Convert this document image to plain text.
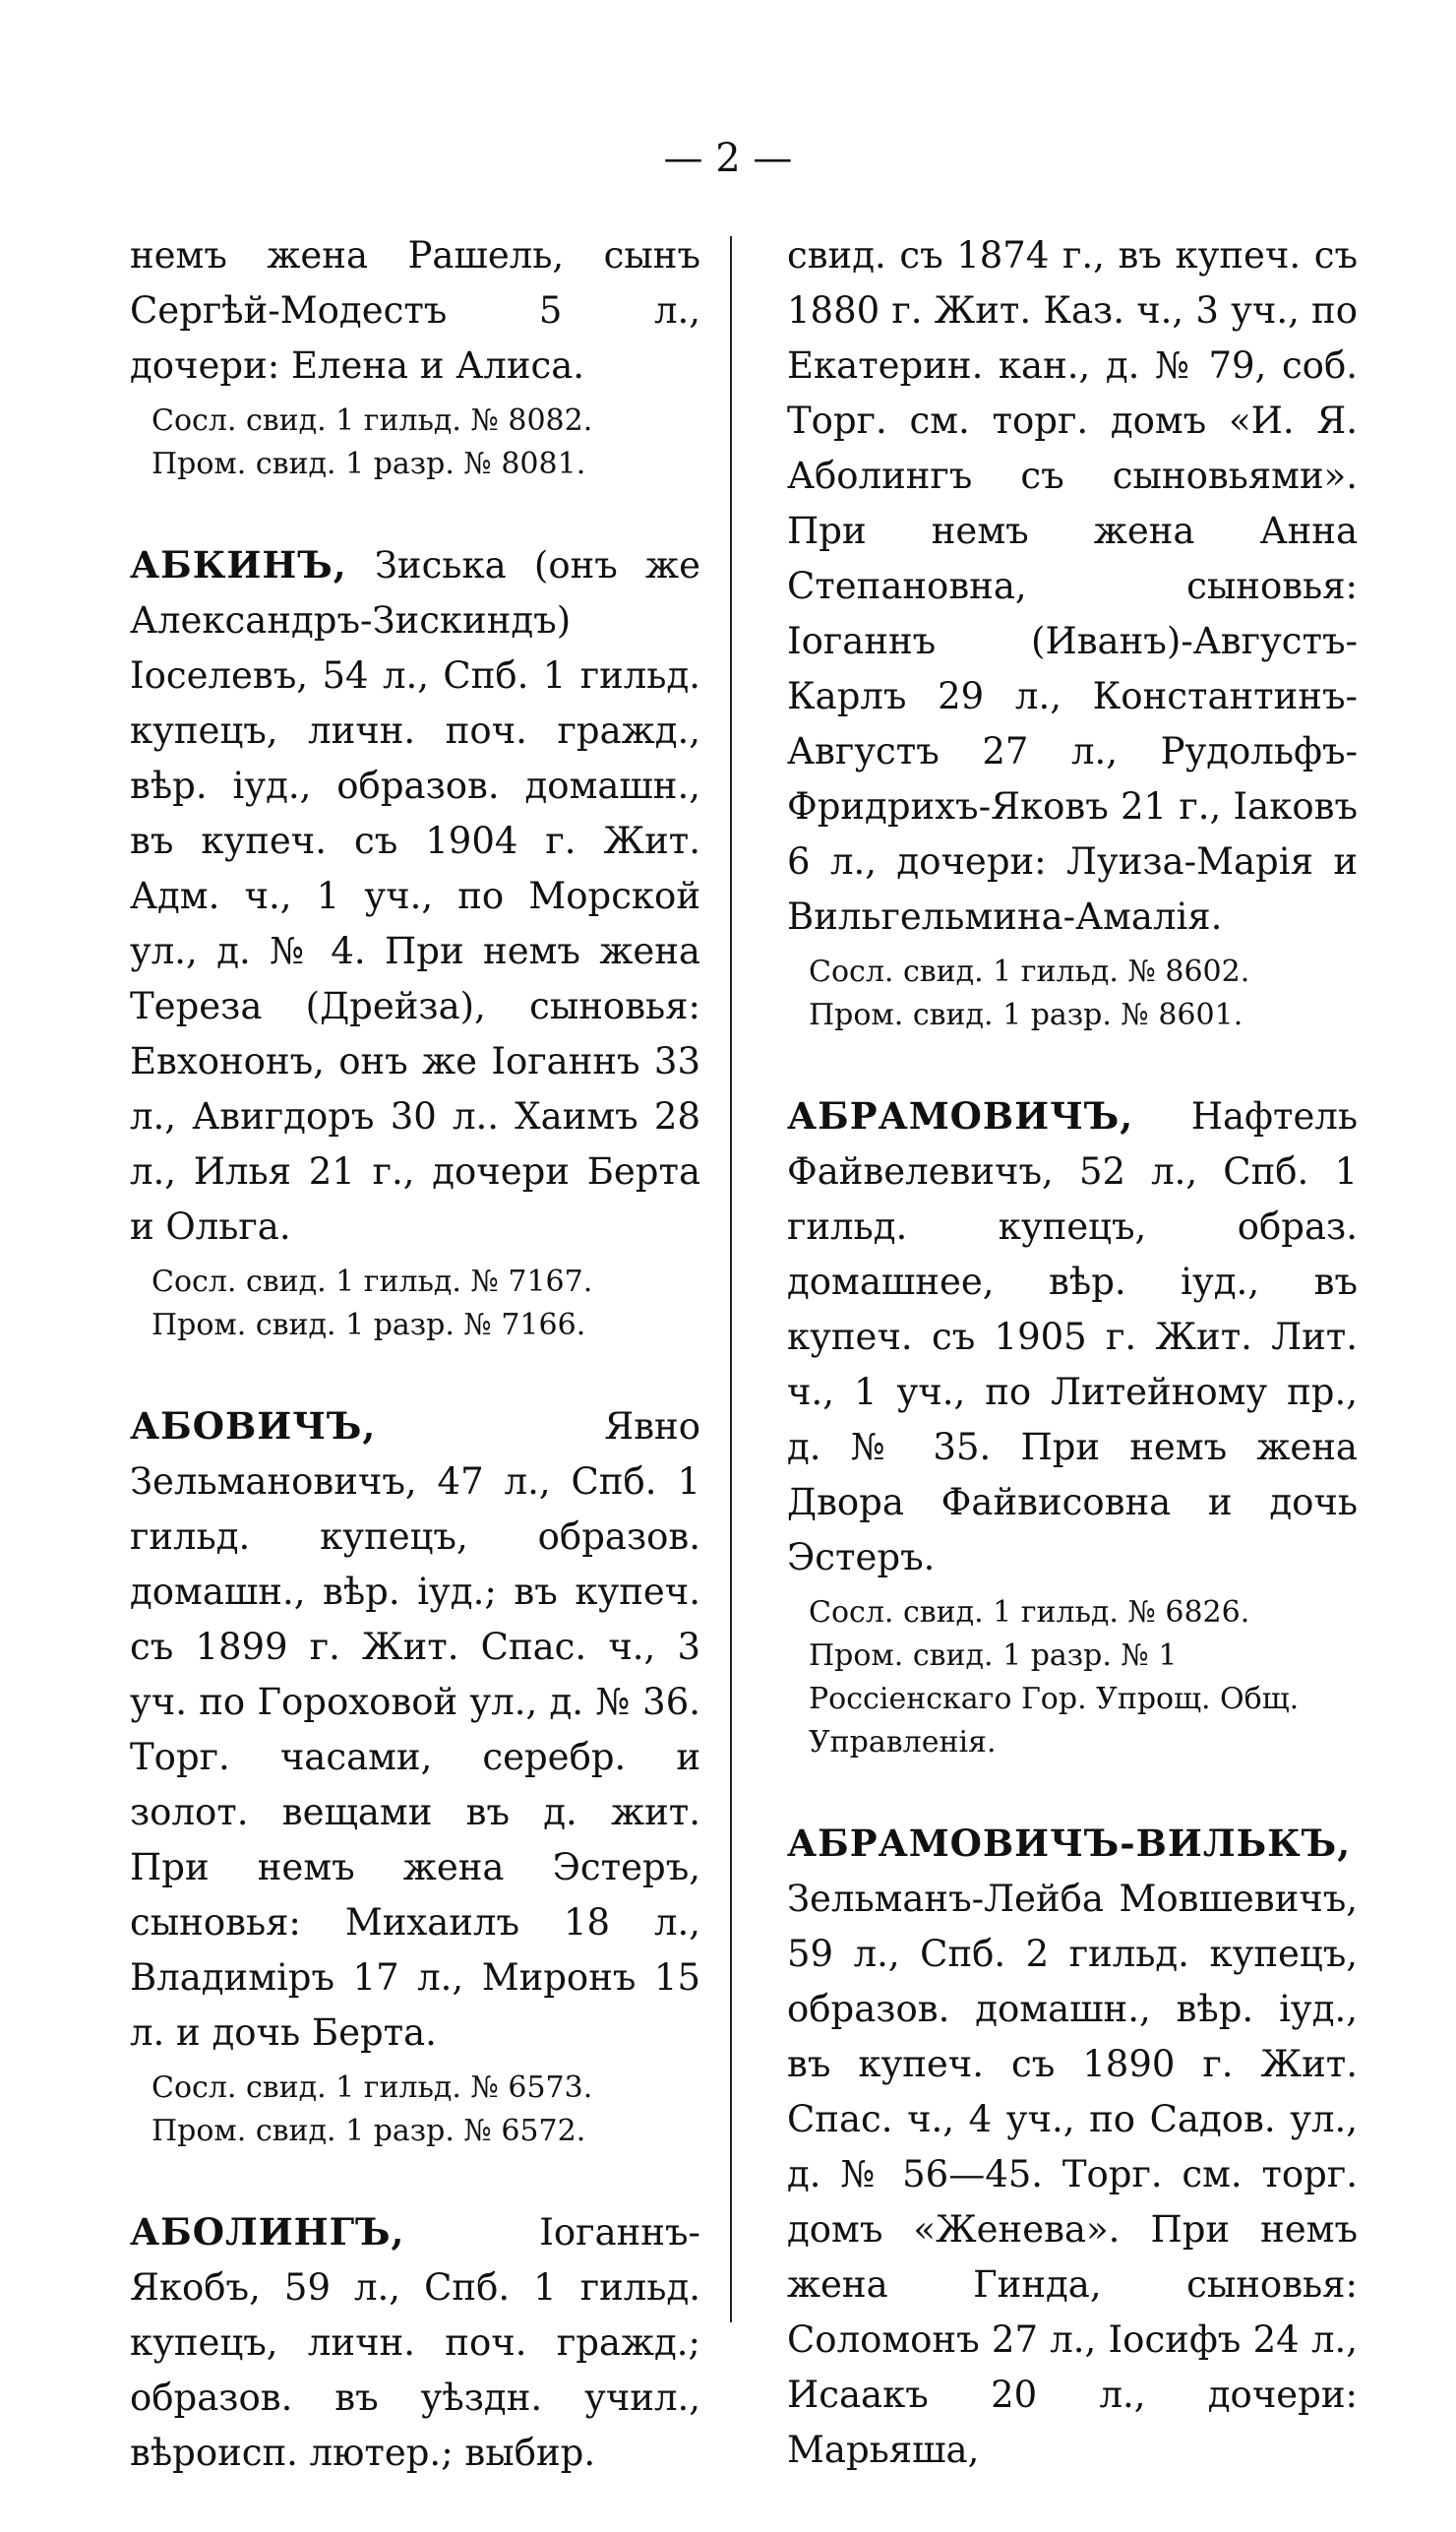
— 2 —
немъ жена Рашель, сынъ Сергѣй-Модестъ 5 л., дочери: Елена и Алиса.
Сосл. свид. 1 гильд. № 8082.
Пром. свид. 1 разр. № 8081.
АБКИНЪ, Зиська (онъ же Александръ-Зискиндъ) Іоселевъ, 54 л., Спб. 1 гильд. купецъ, личн. поч. гражд., вѣр. іуд., образов. домашн., въ купеч. съ 1904 г. Жит. Адм. ч., 1 уч., по Морской ул., д. № 4. При немъ жена Тереза (Дрейза), сыновья: Евхононъ, онъ же Іоганнъ 33 л., Авигдоръ 30 л.. Хаимъ 28 л., Илья 21 г., дочери Берта и Ольга.
Сосл. свид. 1 гильд. № 7167.
Пром. свид. 1 разр. № 7166.
АБОВИЧЪ, Явно Зельмановичъ, 47 л., Спб. 1 гильд. купецъ, образов. домашн., вѣр. іуд.; въ купеч. съ 1899 г. Жит. Спас. ч., 3 уч. по Гороховой ул., д. № 36. Торг. часами, серебр. и золот. вещами въ д. жит. При немъ жена Эстеръ, сыновья: Михаилъ 18 л., Владиміръ 17 л., Миронъ 15 л. и дочь Берта.
Сосл. свид. 1 гильд. № 6573.
Пром. свид. 1 разр. № 6572.
АБОЛИНГЪ, Іоганнъ-Якобъ, 59 л., Спб. 1 гильд. купецъ, личн. поч. гражд.; образов. въ уѣздн. учил., вѣроисп. лютер.; выбир.
свид. съ 1874 г., въ купеч. съ 1880 г. Жит. Каз. ч., 3 уч., по Екатерин. кан., д. № 79, соб. Торг. см. торг. домъ «И. Я. Аболингъ съ сыновьями». При немъ жена Анна Степановна, сыновья: Іоганнъ (Иванъ)-Августъ-Карлъ 29 л., Константинъ-Августъ 27 л., Рудольфъ-Фридрихъ-Яковъ 21 г., Іаковъ 6 л., дочери: Луиза-Марія и Вильгельмина-Амалія.
Сосл. свид. 1 гильд. № 8602.
Пром. свид. 1 разр. № 8601.
АБРАМОВИЧЪ, Нафтель Файвелевичъ, 52 л., Спб. 1 гильд. купецъ, образ. домашнее, вѣр. іуд., въ купеч. съ 1905 г. Жит. Лит. ч., 1 уч., по Литейному пр., д. № 35. При немъ жена Двора Файвисовна и дочь Эстеръ.
Сосл. свид. 1 гильд. № 6826.
Пром. свид. 1 разр. № 1 Россіенскаго Гор. Упрощ. Общ. Управленія.
АБРАМОВИЧЪ-ВИЛЬКЪ, Зельманъ-Лейба Мовшевичъ, 59 л., Спб. 2 гильд. купецъ, образов. домашн., вѣр. іуд., въ купеч. съ 1890 г. Жит. Спас. ч., 4 уч., по Садов. ул., д. № 56—45. Торг. см. торг. домъ «Женева». При немъ жена Гинда, сыновья: Соломонъ 27 л., Іосифъ 24 л., Исаакъ 20 л., дочери: Марьяша,
